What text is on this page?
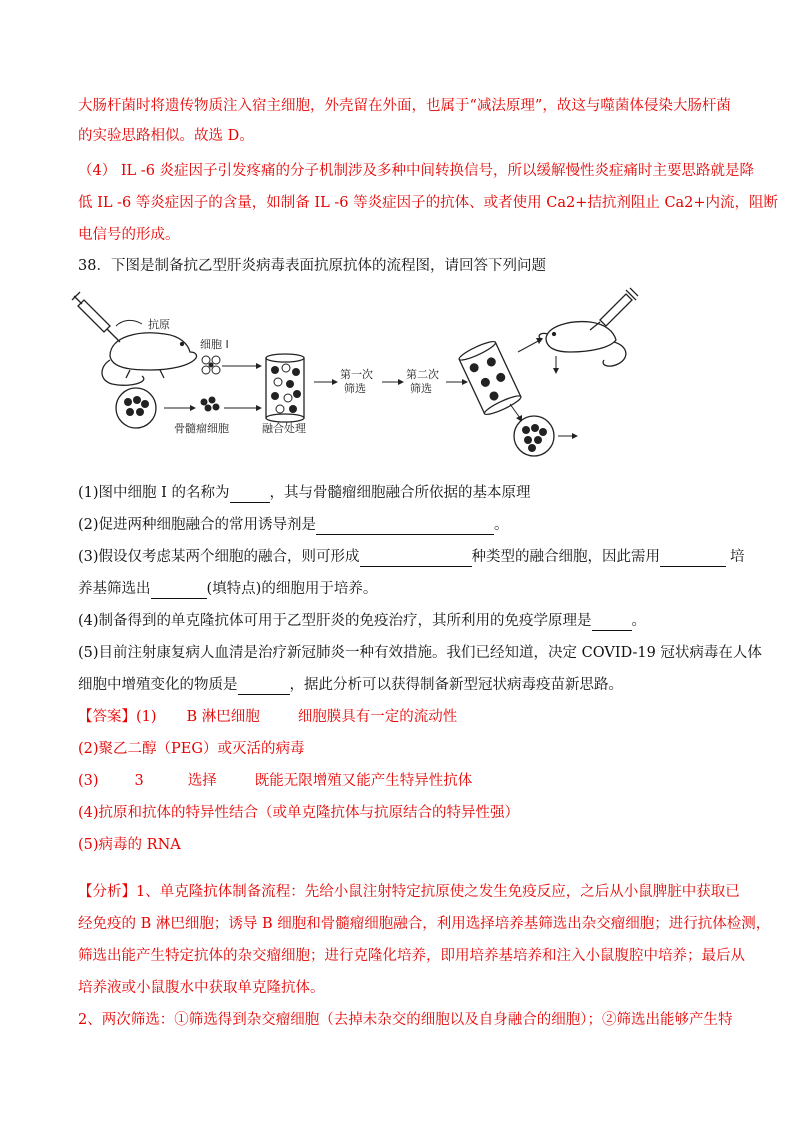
大肠杆菌时将遗传物质注入宿主细胞，外壳留在外面，也属于“减法原理”，故这与噬菌体侵染大肠杆菌
的实验思路相似。故选 D。
（4） IL -6 炎症因子引发疼痛的分子机制涉及多种中间转换信号，所以缓解慢性炎症痛时主要思路就是降
低 IL -6 等炎症因子的含量，如制备 IL -6 等炎症因子的抗体、或者使用 Ca2+拮抗剂阻止 Ca2+内流，阻断
电信号的形成。
38．下图是制备抗乙型肝炎病毒表面抗原抗体的流程图，请回答下列问题
抗原
细胞 I
骨髓瘤细胞	融合处理
第一次
筛选
第二次
筛选
(1)图中细胞 I 的名称为	，其与骨髓瘤细胞融合所依据的基本原理
(2)促进两种细胞融合的常用诱导剂是	。
(3)假设仅考虑某两个细胞的融合，则可形成	种类型的融合细胞，因此需用	培
养基筛选出	(填特点)的细胞用于培养。
(4)制备得到的单克隆抗体可用于乙型肝炎的免疫治疗，其所利用的免疫学原理是	。
(5)目前注射康复病人血清是治疗新冠肺炎一种有效措施。我们已经知道，决定 COVID-19 冠状病毒在人体
细胞中增殖变化的物质是	，据此分析可以获得制备新型冠状病毒疫苗新思路。
【答案】(1) B 淋巴细胞	细胞膜具有一定的流动性
(2)聚乙二醇（PEG）或灭活的病毒
(3) 3	选择	既能无限增殖又能产生特异性抗体
(4)抗原和抗体的特异性结合（或单克隆抗体与抗原结合的特异性强）
(5)病毒的 RNA
【分析】1、单克隆抗体制备流程：先给小鼠注射特定抗原使之发生免疫反应，之后从小鼠脾脏中获取已
经免疫的 B 淋巴细胞；诱导 B 细胞和骨髓瘤细胞融合，利用选择培养基筛选出杂交瘤细胞；进行抗体检测，
筛选出能产生特定抗体的杂交瘤细胞；进行克隆化培养，即用培养基培养和注入小鼠腹腔中培养；最后从
培养液或小鼠腹水中获取单克隆抗体。
2、两次筛选：①筛选得到杂交瘤细胞（去掉未杂交的细胞以及自身融合的细胞）；②筛选出能够产生特
